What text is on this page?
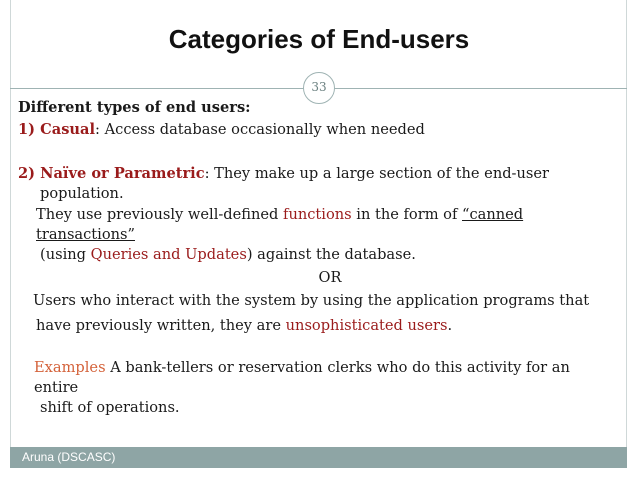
Categories of End-users
33

Different types of end users:

1) Casual: Access database occasionally when needed

2) Naïve or Parametric: They make up a large section of the end-user

population.

They use previously well-defined functions in the form of “canned transactions”

(using Queries and Updates) against the database.

OR

Users who interact with the system by using the application programs that

have previously written, they are unsophisticated users.

Examples A bank-tellers or reservation clerks who do this activity for an entire

shift of operations.

Aruna (DSCASC)
